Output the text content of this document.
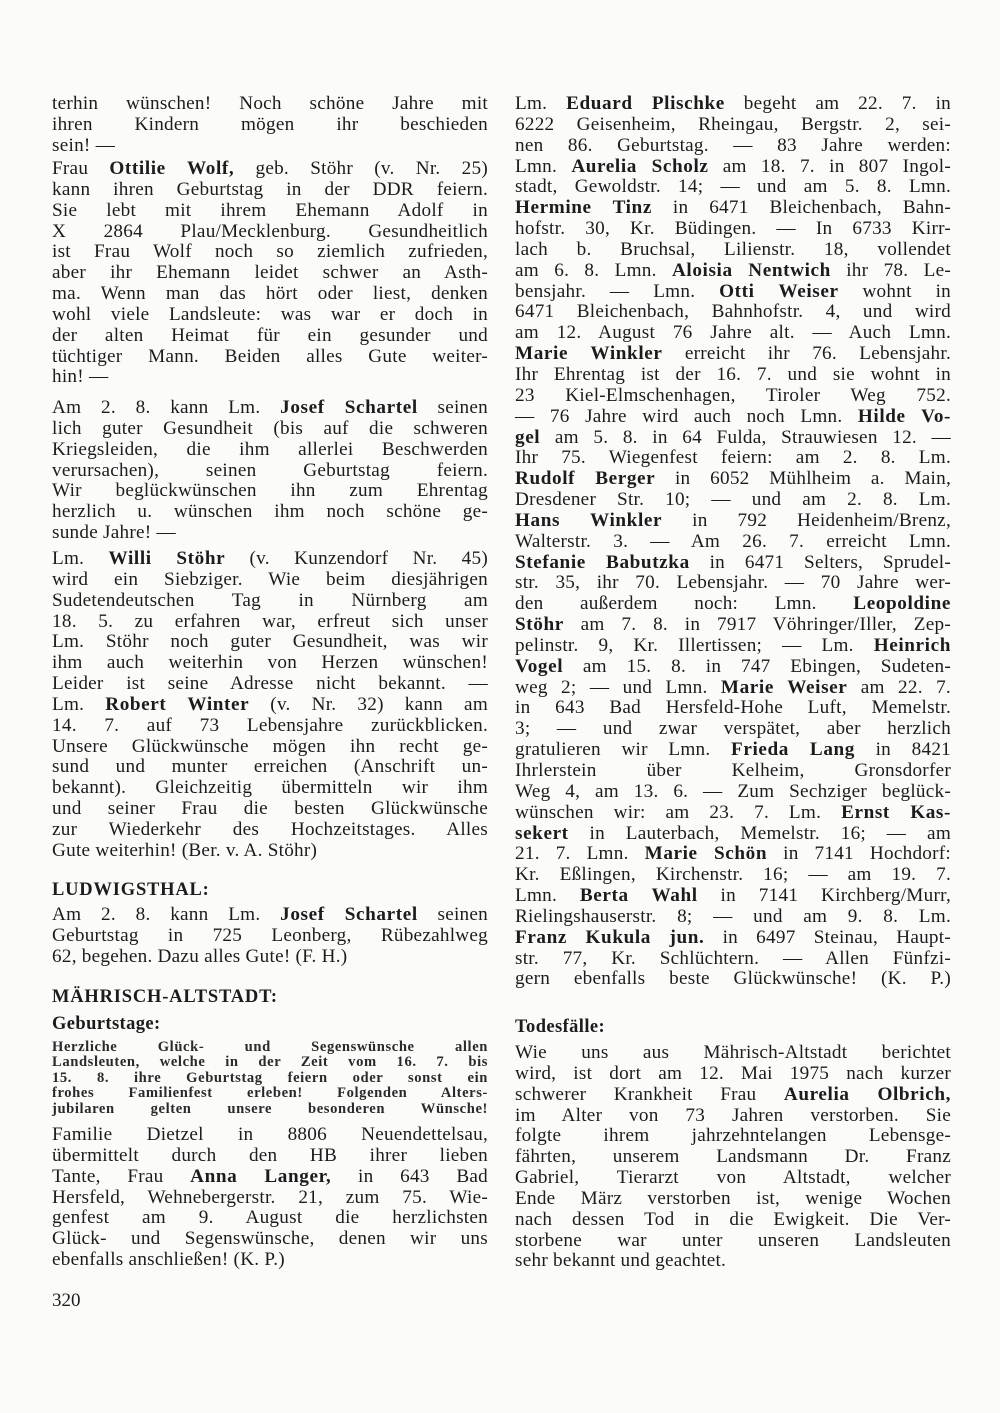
terhin wünschen! Noch schöne Jahre mit
ihren Kindern mögen ihr beschieden
sein! —
Frau Ottilie Wolf, geb. Stöhr (v. Nr. 25)
kann ihren Geburtstag in der DDR feiern.
Sie lebt mit ihrem Ehemann Adolf in
X 2864 Plau/Mecklenburg. Gesundheitlich
ist Frau Wolf noch so ziemlich zufrieden,
aber ihr Ehemann leidet schwer an Asth-
ma. Wenn man das hört oder liest, denken
wohl viele Landsleute: was war er doch in
der alten Heimat für ein gesunder und
tüchtiger Mann. Beiden alles Gute weiter-
hin! —
Am 2. 8. kann Lm. Josef Schartel seinen
lich guter Gesundheit (bis auf die schweren
Kriegsleiden, die ihm allerlei Beschwerden
verursachen), seinen Geburtstag feiern.
Wir beglückwünschen ihn zum Ehrentag
herzlich u. wünschen ihm noch schöne ge-
sunde Jahre! —
Lm. Willi Stöhr (v. Kunzendorf Nr. 45)
wird ein Siebziger. Wie beim diesjährigen
Sudetendeutschen Tag in Nürnberg am
18. 5. zu erfahren war, erfreut sich unser
Lm. Stöhr noch guter Gesundheit, was wir
ihm auch weiterhin von Herzen wünschen!
Leider ist seine Adresse nicht bekannt. —
Lm. Robert Winter (v. Nr. 32) kann am
14. 7. auf 73 Lebensjahre zurückblicken.
Unsere Glückwünsche mögen ihn recht ge-
sund und munter erreichen (Anschrift un-
bekannt). Gleichzeitig übermitteln wir ihm
und seiner Frau die besten Glückwünsche
zur Wiederkehr des Hochzeitstages. Alles
Gute weiterhin! (Ber. v. A. Stöhr)
LUDWIGSTHAL:
Am 2. 8. kann Lm. Josef Schartel seinen
Geburtstag in 725 Leonberg, Rübezahlweg
62, begehen. Dazu alles Gute! (F. H.)
MÄHRISCH-ALTSTADT:
Geburtstage:
Herzliche Glück- und Segenswünsche allen
Landsleuten, welche in der Zeit vom 16. 7. bis
15. 8. ihre Geburtstag feiern oder sonst ein
frohes Familienfest erleben! Folgenden Alters-
jubilaren gelten unsere besonderen Wünsche!
Familie Dietzel in 8806 Neuendettelsau,
übermittelt durch den HB ihrer lieben
Tante, Frau Anna Langer, in 643 Bad
Hersfeld, Wehnebergerstr. 21, zum 75. Wie-
genfest am 9. August die herzlichsten
Glück- und Segenswünsche, denen wir uns
ebenfalls anschließen! (K. P.)
320
Lm. Eduard Plischke begeht am 22. 7. in
6222 Geisenheim, Rheingau, Bergstr. 2, sei-
nen 86. Geburtstag. — 83 Jahre werden:
Lmn. Aurelia Scholz am 18. 7. in 807 Ingol-
stadt, Gewoldstr. 14; — und am 5. 8. Lmn.
Hermine Tinz in 6471 Bleichenbach, Bahn-
hofstr. 30, Kr. Büdingen. — In 6733 Kirr-
lach b. Bruchsal, Lilienstr. 18, vollendet
am 6. 8. Lmn. Aloisia Nentwich ihr 78. Le-
bensjahr. — Lmn. Otti Weiser wohnt in
6471 Bleichenbach, Bahnhofstr. 4, und wird
am 12. August 76 Jahre alt. — Auch Lmn.
Marie Winkler erreicht ihr 76. Lebensjahr.
Ihr Ehrentag ist der 16. 7. und sie wohnt in
23 Kiel-Elmschenhagen, Tiroler Weg 752.
— 76 Jahre wird auch noch Lmn. Hilde Vo-
gel am 5. 8. in 64 Fulda, Strauwiesen 12. —
Ihr 75. Wiegenfest feiern: am 2. 8. Lm.
Rudolf Berger in 6052 Mühlheim a. Main,
Dresdener Str. 10; — und am 2. 8. Lm.
Hans Winkler in 792 Heidenheim/Brenz,
Walterstr. 3. — Am 26. 7. erreicht Lmn.
Stefanie Babutzka in 6471 Selters, Sprudel-
str. 35, ihr 70. Lebensjahr. — 70 Jahre wer-
den außerdem noch: Lmn. Leopoldine
Stöhr am 7. 8. in 7917 Vöhringer/Iller, Zep-
pelinstr. 9, Kr. Illertissen; — Lm. Heinrich
Vogel am 15. 8. in 747 Ebingen, Sudeten-
weg 2; — und Lmn. Marie Weiser am 22. 7.
in 643 Bad Hersfeld-Hohe Luft, Memelstr.
3; — und zwar verspätet, aber herzlich
gratulieren wir Lmn. Frieda Lang in 8421
Ihrlerstein über Kelheim, Gronsdorfer
Weg 4, am 13. 6. — Zum Sechziger beglück-
wünschen wir: am 23. 7. Lm. Ernst Kas-
sekert in Lauterbach, Memelstr. 16; — am
21. 7. Lmn. Marie Schön in 7141 Hochdorf:
Kr. Eßlingen, Kirchenstr. 16; — am 19. 7.
Lmn. Berta Wahl in 7141 Kirchberg/Murr,
Rielingshauserstr. 8; — und am 9. 8. Lm.
Franz Kukula jun. in 6497 Steinau, Haupt-
str. 77, Kr. Schlüchtern. — Allen Fünfzi-
gern ebenfalls beste Glückwünsche! (K. P.)
Todesfälle:
Wie uns aus Mährisch-Altstadt berichtet
wird, ist dort am 12. Mai 1975 nach kurzer
schwerer Krankheit Frau Aurelia Olbrich,
im Alter von 73 Jahren verstorben. Sie
folgte ihrem jahrzehntelangen Lebensge-
fährten, unserem Landsmann Dr. Franz
Gabriel, Tierarzt von Altstadt, welcher
Ende März verstorben ist, wenige Wochen
nach dessen Tod in die Ewigkeit. Die Ver-
storbene war unter unseren Landsleuten
sehr bekannt und geachtet.
